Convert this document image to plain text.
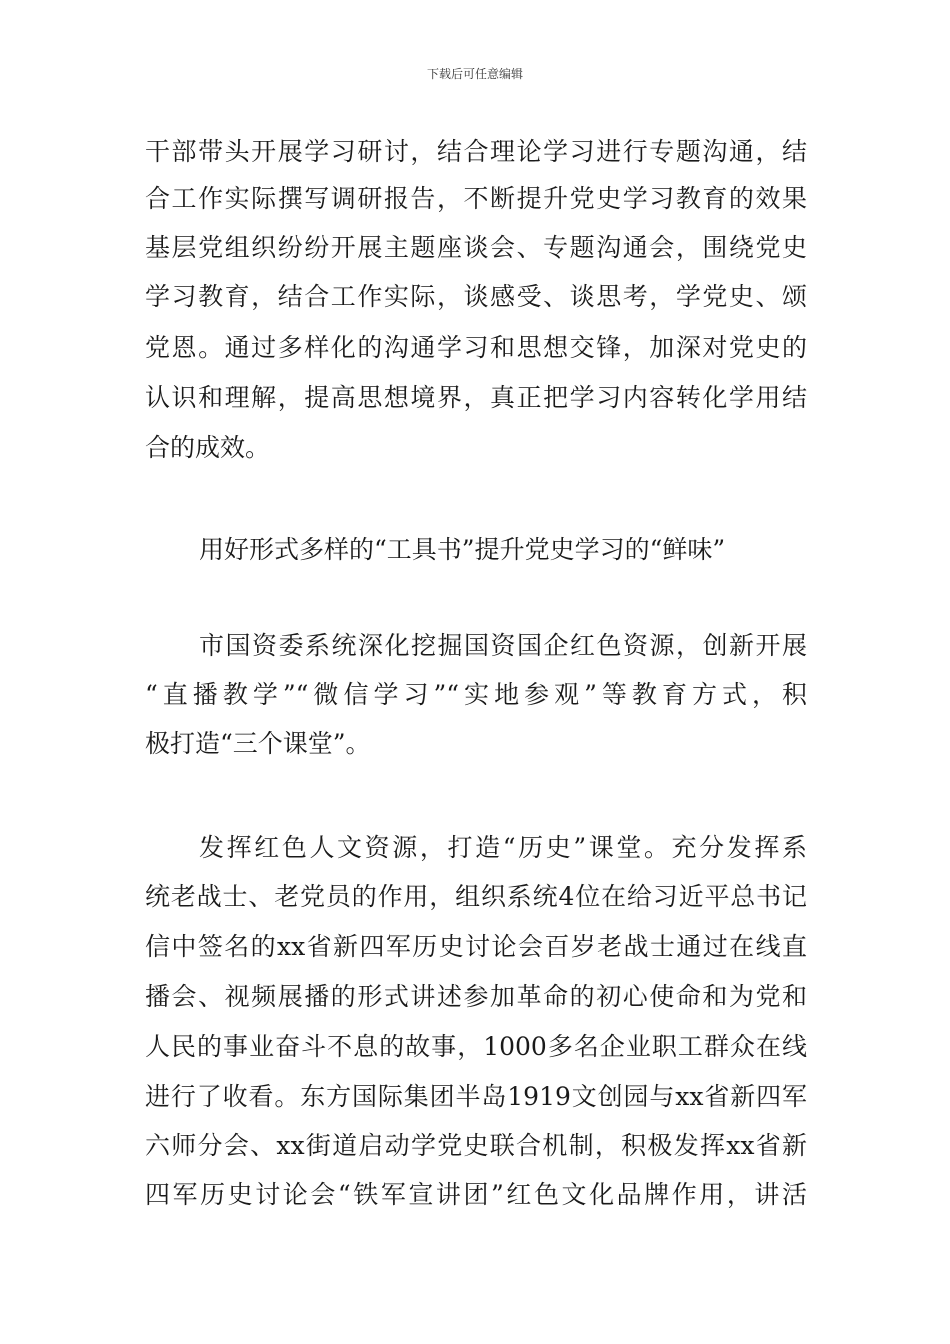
下载后可任意编辑
干部带头开展学习研讨，结合理论学习进行专题沟通，结
合工作实际撰写调研报告，不断提升党史学习教育的效果
基层党组织纷纷开展主题座谈会、专题沟通会，围绕党史
学习教育，结合工作实际，谈感受、谈思考，学党史、颂
党恩。通过多样化的沟通学习和思想交锋，加深对党史的
认识和理解，提高思想境界，真正把学习内容转化学用结
合的成效。
用好形式多样的“工具书”提升党史学习的“鲜味”
市国资委系统深化挖掘国资国企红色资源，创新开展
“直播教学”“微信学习”“实地参观”等教育方式，积
极打造“三个课堂”。
发挥红色人文资源，打造“历史”课堂。充分发挥系
统老战士、老党员的作用，组织系统4位在给习近平总书记
信中签名的xx省新四军历史讨论会百岁老战士通过在线直
播会、视频展播的形式讲述参加革命的初心使命和为党和
人民的事业奋斗不息的故事，1000多名企业职工群众在线
进行了收看。东方国际集团半岛1919文创园与xx省新四军
六师分会、xx街道启动学党史联合机制，积极发挥xx省新
四军历史讨论会“铁军宣讲团”红色文化品牌作用，讲活
